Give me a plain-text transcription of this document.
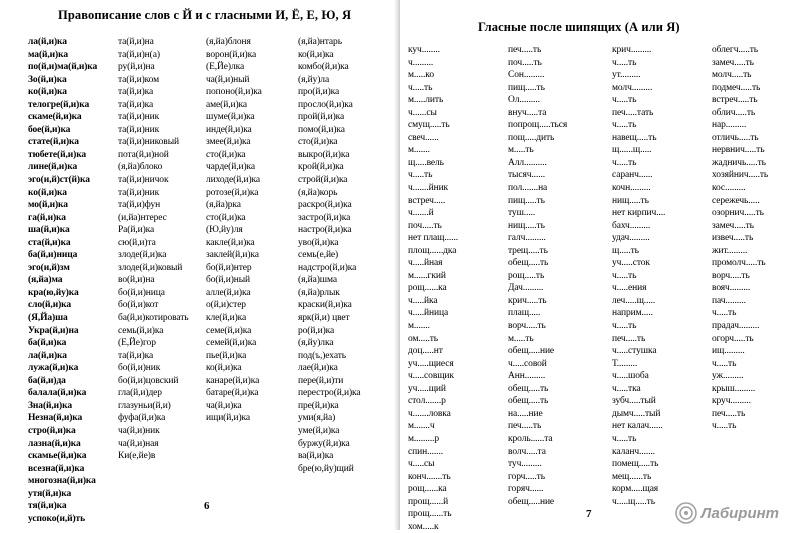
Правописание слов с Й и с гласными И, Ё, Е, Ю, Я
ла(й,и)ка
ма(й,и)ка
по(й,и)ма(й,и)ка
Зо(й,и)ка
ко(й,и)ка
телогре(й,и)ка
скаме(й,и)ка
бое(й,и)ка
стате(й,и)ка
тюбете(й,и)ка
лине(й,и)ка
эго(и,й)ст(й)ка
ко(й,и)ка
мо(й,и)ка
га(й,и)ка
ша(й,и)ка
ста(й,и)ка
ба(й,и)ница
эго(и,й)зм
(я,йа)ма
кра(ю,йу)ка
сло(й,и)ка
(Я,Йа)ша
Укра(й,и)на
ба(й,и)ка
ла(й,и)ка
лужа(й,и)ка
ба(й,и)да
балала(й,и)ка
Зна(й,и)ка
Незна(й,и)ка
стро(й,и)ка
лазна(й,и)ка
скамье(й,и)ка
всезна(й,и)ка
многозна(й,и)ка
утя(й,и)ка
тя(й,и)ка
успоко(и,й)ть
та(й,и)на
та(й,и)н(а)
ру(й,и)на
та(й,и)ком
та(й,и)ка
та(й,и)ка
та(й,и)ник
та(й,и)ник
та(й,и)никовый
пота(й,и)ной
(я,йа)блоко
та(й,и)ничок
та(й,и)ник
та(й,и)фун
(и,йа)нтерес
Ра(й,и)ка
сю(й,и)та
злоде(й,и)ка
злоде(й,и)ковый
во(й,и)на
бо(й,и)ница
бо(й,и)кот
ба(й,и)котировать
семь(й,и)ка
(Е,Йе)гор
та(й,и)ка
бо(й,и)ник
бо(й,и)цовский
гла(й,и)дер
глазуньи(й,и)
фуфа(й,и)ка
ча(й,и)ник
ча(й,и)ная
Ки(е,йе)в
(я,йа)блоня
ворон(й,и)ка
(Е,Йе)лка
ча(й,и)ный
попоно(й,и)ка
аме(й,и)ка
шуме(й,и)ка
инде(й,и)ка
змее(й,и)ка
сто(й,и)ка
чарде(й,и)ка
лиходе(й,и)ка
ротозе(й,и)ка
(я,йа)рка
сто(й,и)ка
(Ю,йу)ля
какле(й,и)ка
заклей(й,и)ка
бо(й,и)нтер
бо(й,и)ный
алле(й,и)ка
о(й,и)стер
кле(й,и)ка
семе(й,и)ка
семей(й,и)ка
пье(й,и)ка
ко(й,и)ка
канаре(й,и)ка
батаре(й,и)ка
ча(й,и)ка
ищи(й,и)ка
(я,йа)нтарь
ко(й,и)ка
комбо(й,и)ка
(я,йу)ла
про(й,и)ка
просло(й,и)ка
прой(й,и)ка
помо(й,и)ка
сто(й,и)ка
выкро(й,и)ка
крой(й,и)ка
строй(й,и)ка
(я,йа)корь
раскро(й,и)ка
застро(й,и)ка
настро(й,и)ка
уво(й,и)ка
семь(е,йе)
надстро(й,и)ка
(я,йа)шма
(я,йа)рлык
краски(й,и)ка
ярк(й,и) цвет
ро(й,и)ка
(я,йу)лка
под(ъ,)ехать
лае(й,и)ка
пере(й,и)ти
перестро(й,и)ка
пре(й,и)ка
уми(я,йа)
уме(й,и)ка
буржу(й,и)ка
ва(й,и)ка
бре(ю,йу)щий
6
Гласные после шипящих (А или Я)
куч........
ч.........
м.....ко
ч.....ть
м.....лить
ч......сы
смущ.....ть
свеч......
м.......
щ.....вель
ч.....ть
ч.......йник
встреч.....
ч.......й
поч.....ть
нет плащ......
площ......дка
ч.....йная
м......гкий
рощ......ка
ч.....йка
ч.....йница
м.......
ом.....ть
доц.....нт
уч.....щиеся
ч.....совщик
уч.....щий
стол.......р
ч.......ловка
м.......ч
м.........р
спин.......
ч.....сы
конч.......ть
рощ......ка
прощ......й
прощ......ть
хом.....к
печ.....ть
поч.....ть
Сон.........
пищ.....ть
Ол.........
внуч.....та
попрощ.....ться
пощ.....дить
м.....ть
Алл..........
тысяч......
пол.......на
пищ.....ть
туш.....
нищ.....ть
галч.........
трещ.....ть
обещ.....ть
рощ.....ть
Дач.........
крич.....ть
плащ.....
ворч.....ть
м.....ть
обещ.....ние
ч.....совой
Анн.........
обещ.....ть
обещ.....ть
на.....ние
печ.....ть
кроль......та
волч.....та
туч.........
горч.....ть
горяч......
обещ.....ние
крич.........
ч.....ть
ут.........
молч.........
ч.....ть
печ.....тать
ч.....ть
навещ.....ть
щ......щ.....
ч.....ть
саранч......
кочн.........
нищ.....ть
нет кирпич....
бахч.........
удач.........
щ.....ть
уч.....сток
ч.....ть
ч.....ения
леч.....щ.....
наприм.....
ч.....ть
печ.....ть
ч.....стушка
Т.........
ч.....шоба
ч.....тка
зубч.....тый
дымч.....тый
нет калач......
ч.....ть
каланч.......
помещ.....ть
мещ......ть
корм.....щая
ч.....щ.....ть
облегч.....ть
замеч.....ть
молч.....ть
подмеч.....ть
встреч.....ть
облич.....ть
нар.........
отличь.....ть
нервнич.....ть
жадничь.....ть
хозяйнич.....ть
кос.........
сережечь.....
озорнич.....ть
замеч.....ть
извеч.....ть
жит.........
промолч.....ть
ворч.....ть
вояч.........
пач.........
ч.....ть
прадач.........
огорч.....ть
ищ.........
ч.....ть
уж.........
крыш.........
круч.........
печ.....ть
ч.....ть
7	Лабиринт
